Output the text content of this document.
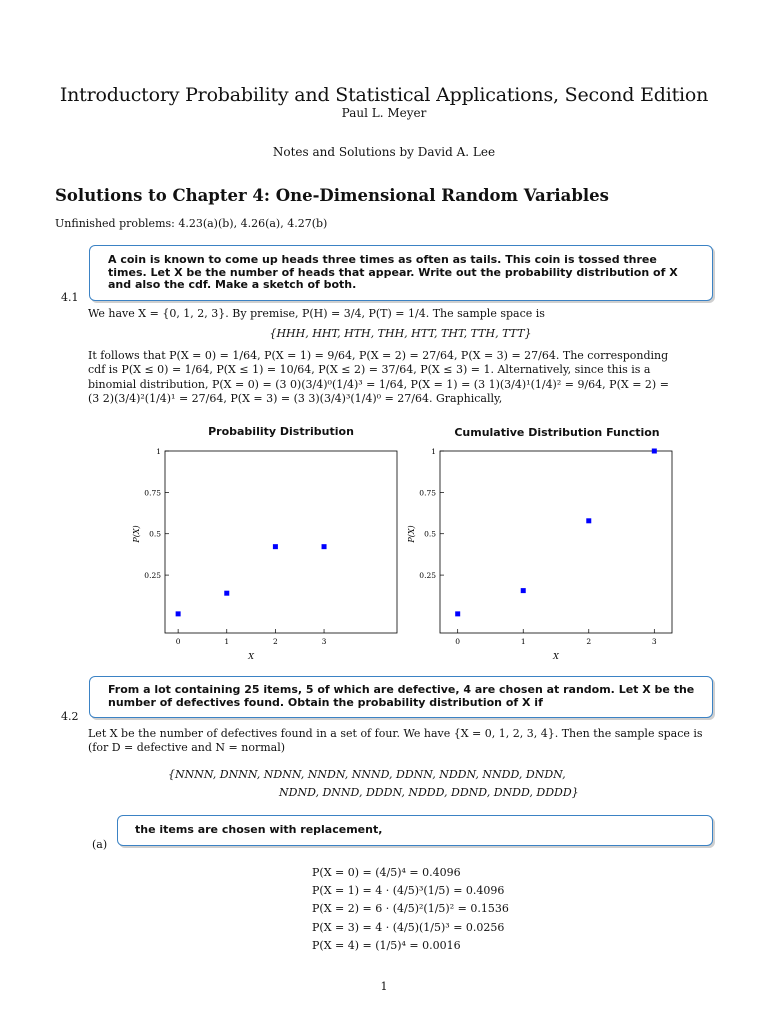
Introductory Probability and Statistical Applications, Second Edition
Paul L. Meyer
Notes and Solutions by David A. Lee
Solutions to Chapter 4: One-Dimensional Random Variables
Unfinished problems: 4.23(a)(b), 4.26(a), 4.27(b)
A coin is known to come up heads three times as often as tails. This coin is tossed three times. Let X be the number of heads that appear. Write out the probability distribution of X and also the cdf. Make a sketch of both.
4.1
We have X = {0, 1, 2, 3}. By premise, P(H) = 3/4, P(T) = 1/4. The sample space is
{HHH, HHT, HTH, THH, HTT, THT, TTH, TTT}
It follows that P(X = 0) = 1/64, P(X = 1) = 9/64, P(X = 2) = 27/64, P(X = 3) = 27/64. The corresponding
cdf is P(X ≤ 0) = 1/64, P(X ≤ 1) = 10/64, P(X ≤ 2) = 37/64, P(X ≤ 3) = 1. Alternatively, since this is a
binomial distribution, P(X = 0) = (3 0)(3/4)⁰(1/4)³ = 1/64, P(X = 1) = (3 1)(3/4)¹(1/4)² = 9/64, P(X = 2) =
(3 2)(3/4)²(1/4)¹ = 27/64, P(X = 3) = (3 3)(3/4)³(1/4)⁰ = 27/64. Graphically,
Probability Distribution	Cumulative Distribution Function
0.25
0.5
0.75
1
0	1	2	3
X
P(X)
0.25
0.5
0.75
1
0	1	2	3
X
P(X)
From a lot containing 25 items, 5 of which are defective, 4 are chosen at random. Let X be the number of defectives found. Obtain the probability distribution of X if
4.2
Let X be the number of defectives found in a set of four. We have {X = 0, 1, 2, 3, 4}. Then the sample space is
(for D = defective and N = normal)
{NNNN, DNNN, NDNN, NNDN, NNND, DDNN, NDDN, NNDD, DNDN,
NDND, DNND, DDDN, NDDD, DDND, DNDD, DDDD}
the items are chosen with replacement,
(a)
P(X = 0) = (4/5)⁴ = 0.4096
P(X = 1) = 4 · (4/5)³(1/5) = 0.4096
P(X = 2) = 6 · (4/5)²(1/5)² = 0.1536
P(X = 3) = 4 · (4/5)(1/5)³ = 0.0256
P(X = 4) = (1/5)⁴ = 0.0016
1
